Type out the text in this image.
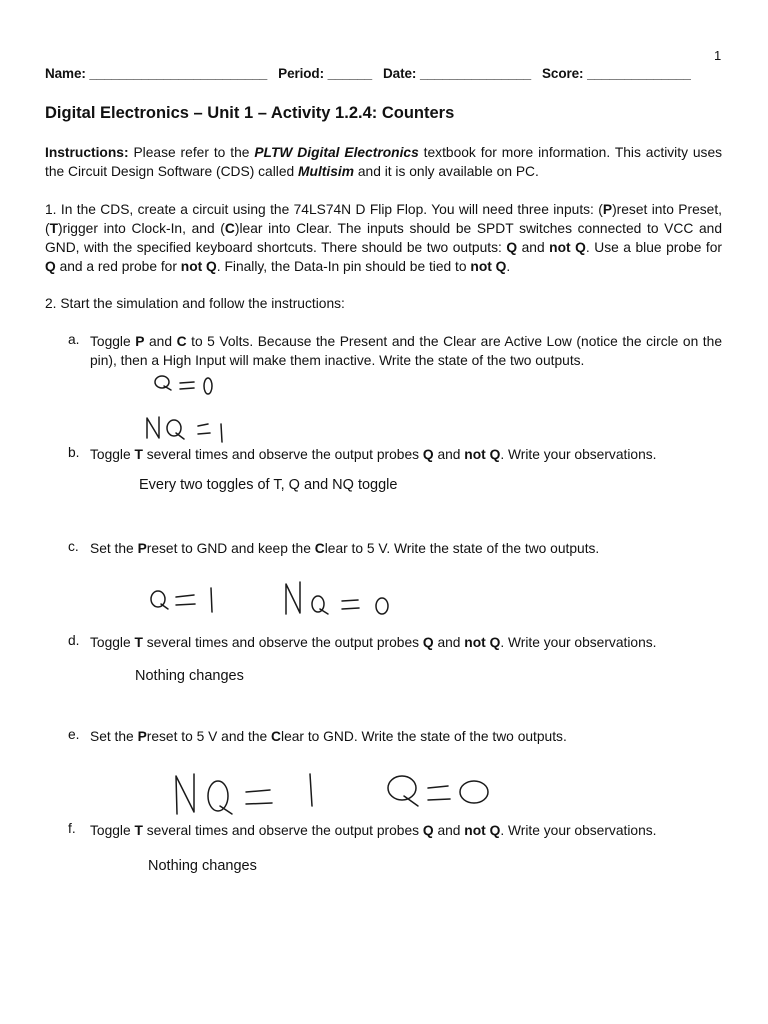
1
Name: ________________________ Period: ______ Date: _______________ Score: ______________
Digital Electronics – Unit 1 – Activity 1.2.4: Counters
Instructions: Please refer to the PLTW Digital Electronics textbook for more information. This activity uses the Circuit Design Software (CDS) called Multisim and it is only available on PC.
1. In the CDS, create a circuit using the 74LS74N D Flip Flop. You will need three inputs: (P)reset into Preset, (T)rigger into Clock-In, and (C)lear into Clear. The inputs should be SPDT switches connected to VCC and GND, with the specified keyboard shortcuts. There should be two outputs: Q and not Q. Use a blue probe for Q and a red probe for not Q. Finally, the Data-In pin should be tied to not Q.
2. Start the simulation and follow the instructions:
a. Toggle P and C to 5 Volts. Because the Present and the Clear are Active Low (notice the circle on the pin), then a High Input will make them inactive. Write the state of the two outputs.
b. Toggle T several times and observe the output probes Q and not Q. Write your observations.
Every two toggles of T, Q and NQ toggle
c. Set the Preset to GND and keep the Clear to 5 V. Write the state of the two outputs.
d. Toggle T several times and observe the output probes Q and not Q. Write your observations.
Nothing changes
e. Set the Preset to 5 V and the Clear to GND. Write the state of the two outputs.
f. Toggle T several times and observe the output probes Q and not Q. Write your observations.
Nothing changes
